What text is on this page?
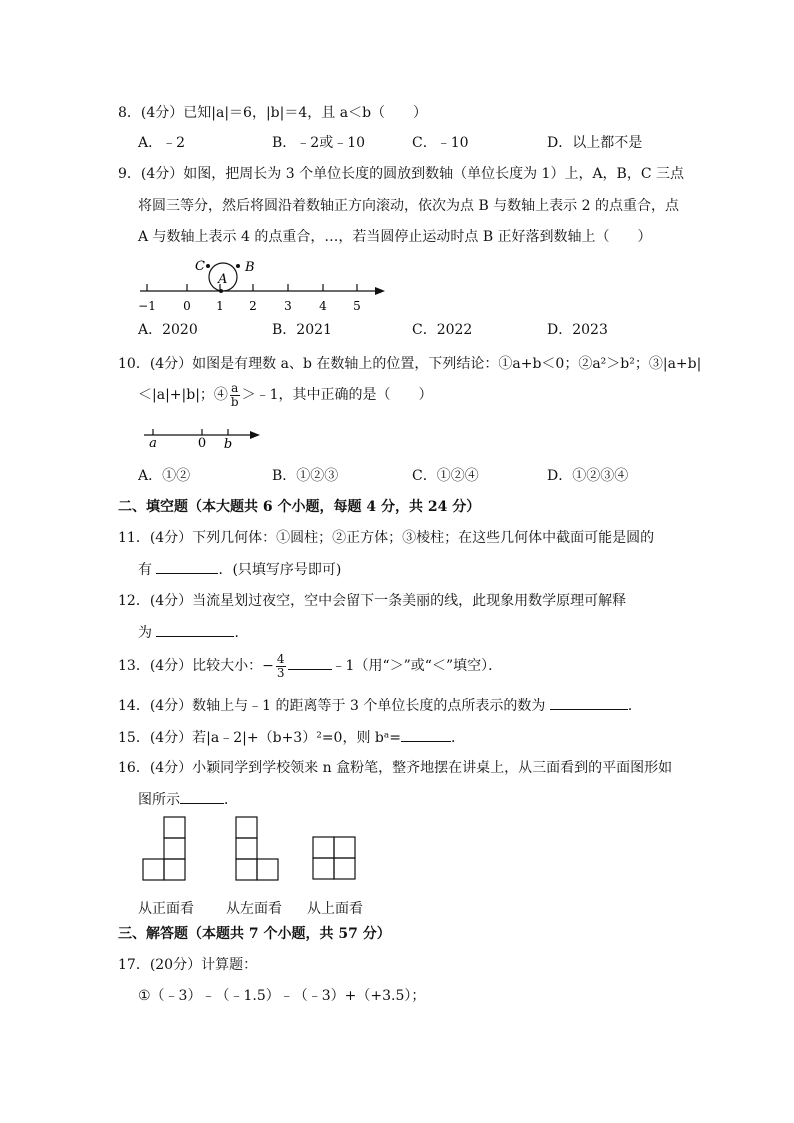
8．(4分）已知|a|＝6，|b|＝4，且 a＜b（　　）
A．﹣2	B．﹣2或﹣10	C．﹣10	D．以上都不是
9．(4分）如图，把周长为 3 个单位长度的圆放到数轴（单位长度为 1）上，A，B，C 三点
将圆三等分，然后将圆沿着数轴正方向滚动，依次为点 B 与数轴上表示 2 的点重合，点
A 与数轴上表示 4 的点重合，…，若当圆停止运动时点 B 正好落到数轴上（　　）
−1 0 1 2 3 4 5
C
A
B
A．2020	B．2021	C．2022	D．2023
10．(4分）如图是有理数 a、b 在数轴上的位置，下列结论：①a+b＜0；②a²＞b²；③|a+b|
＜|a|+|b|；④ $\frac{a}{b}$ ＞﹣1，其中正确的是（　　）
a	0 b
A．①②	B．①②③	C．①②④	D．①②③④
二、填空题（本大题共 6 个小题，每题 4 分，共 24 分）
11．(4分）下列几何体：①圆柱；②正方体；③棱柱；在这些几何体中截面可能是圆的
有	．(只填写序号即可)
12．(4分）当流星划过夜空，空中会留下一条美丽的线，此现象用数学原理可解释
为	．
13．(4分）比较大小：− $\frac{4}{3}$	﹣1（用“＞”或“＜”填空）．
14．(4分）数轴上与﹣1 的距离等于 3 个单位长度的点所表示的数为	．
15．(4分）若|a﹣2|+（b+3）²=0，则 bᵃ=	．
16．(4分）小颖同学到学校领来 n 盒粉笔，整齐地摆在讲桌上，从三面看到的平面图形如
图所示	．
从正面看 从左面看 从上面看
三、解答题（本题共 7 个小题，共 57 分）
17．(20分）计算题：
①（﹣3）﹣（﹣1.5）﹣（﹣3）+（+3.5）；
